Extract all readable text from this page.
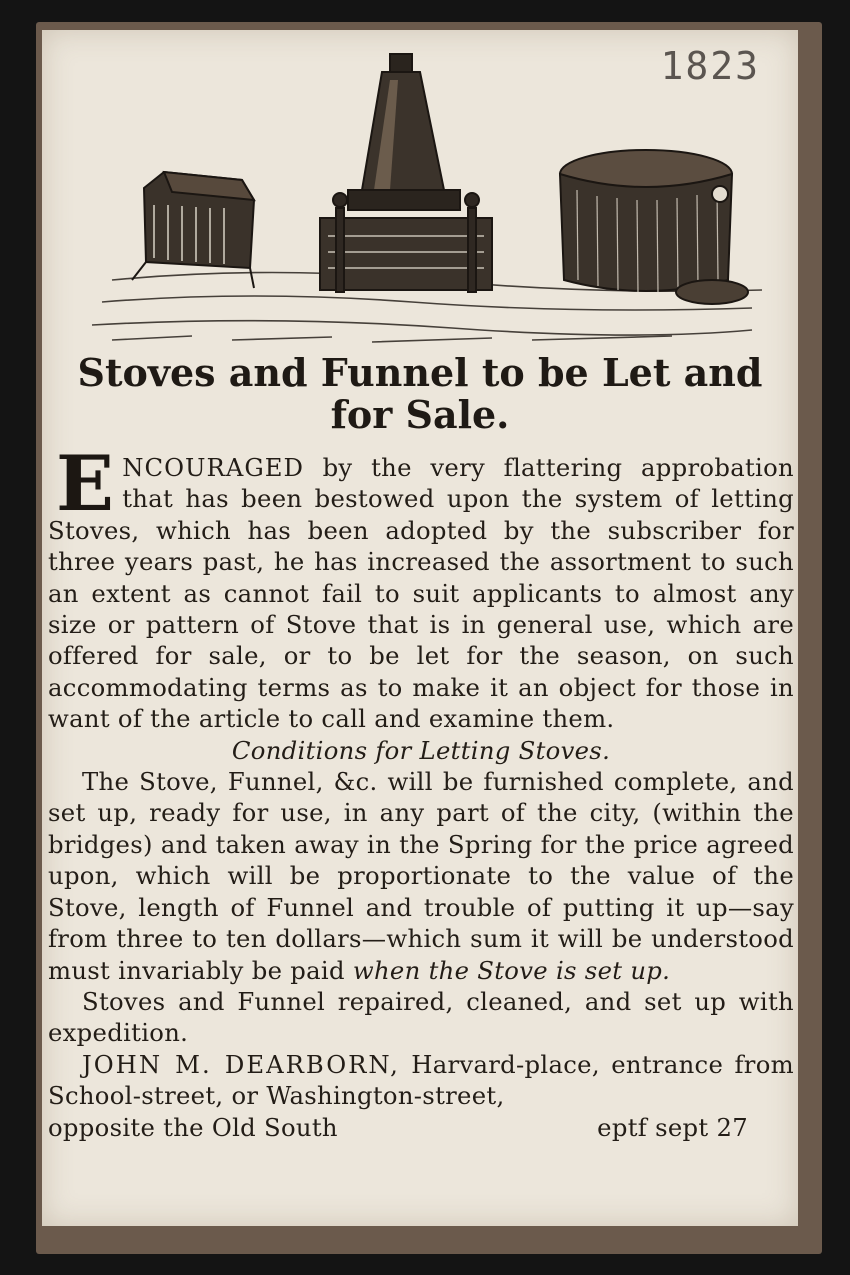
1823
Stoves and Funnel to be Let and for Sale.

ENCOURAGED by the very flattering approbation that has been bestowed upon the system of letting Stoves, which has been adopted by the subscriber for three years past, he has increased the assortment to such an extent as cannot fail to suit applicants to almost any size or pattern of Stove that is in general use, which are offered for sale, or to be let for the season, on such accommodating terms as to make it an object for those in want of the article to call and examine them.

Conditions for Letting Stoves.

The Stove, Funnel, &c. will be furnished complete, and set up, ready for use, in any part of the city, (within the bridges) and taken away in the Spring for the price agreed upon, which will be proportionate to the value of the Stove, length of Funnel and trouble of putting it up—say from three to ten dollars—which sum it will be understood must invariably be paid when the Stove is set up.

Stoves and Funnel repaired, cleaned, and set up with expedition.

JOHN M. DEARBORN, Harvard-place, entrance from School-street, or Washington-street,

opposite the Old South	eptf sept 27
